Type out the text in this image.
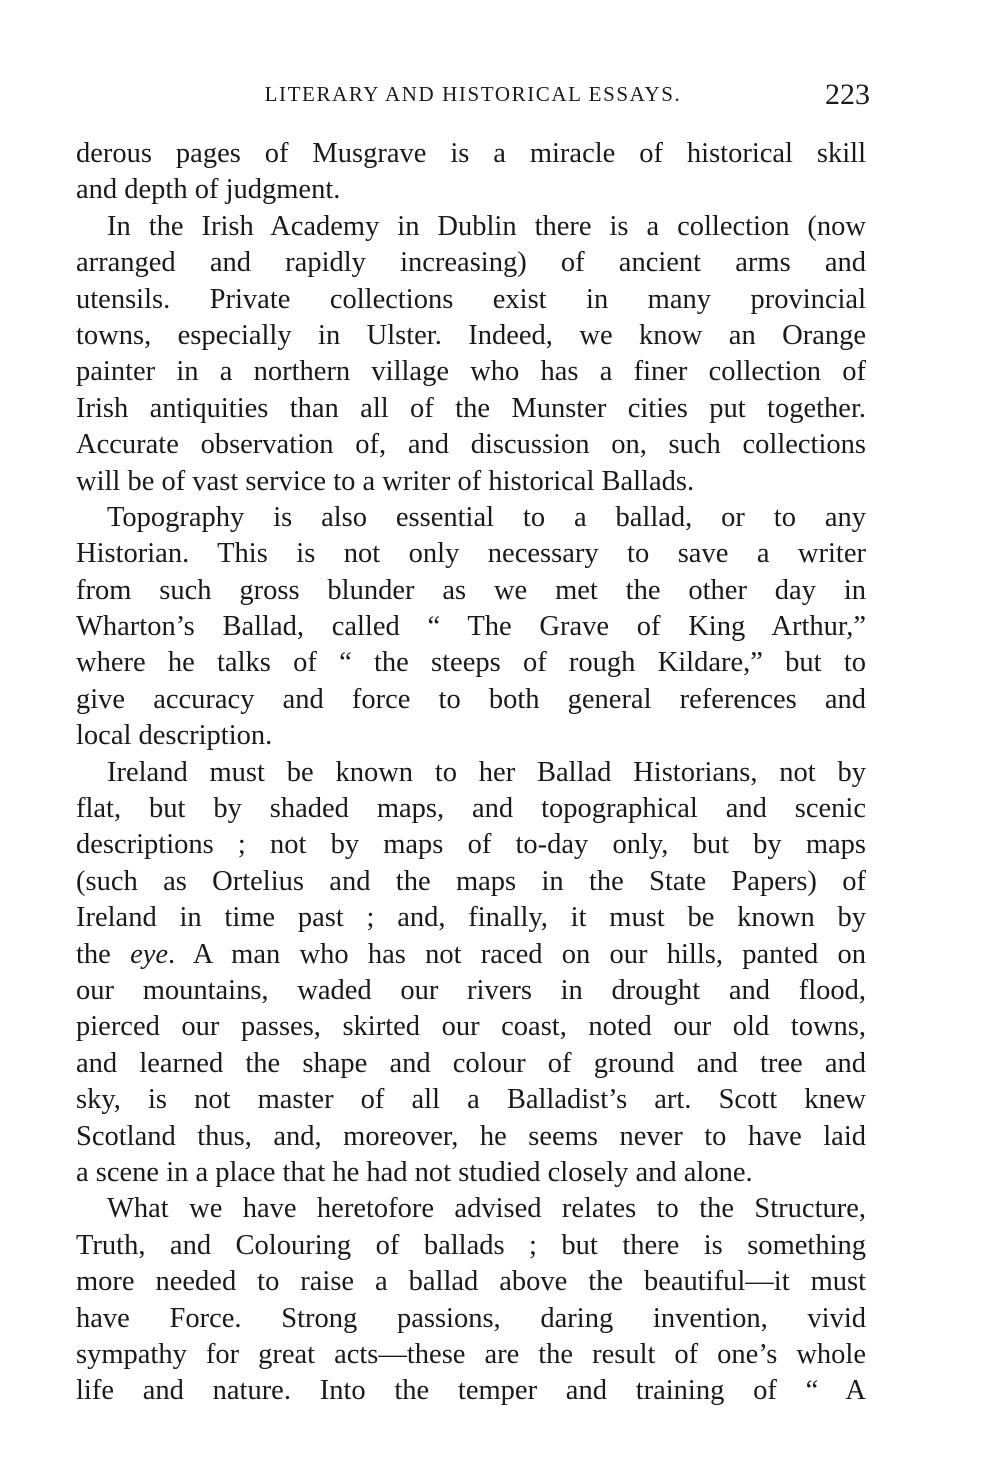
LITERARY AND HISTORICAL ESSAYS.	223
derous pages of Musgrave is a miracle of historical skill
and depth of judgment.
In the Irish Academy in Dublin there is a collection (now
arranged and rapidly increasing) of ancient arms and
utensils. Private collections exist in many provincial
towns, especially in Ulster. Indeed, we know an Orange
painter in a northern village who has a finer collection of
Irish antiquities than all of the Munster cities put together.
Accurate observation of, and discussion on, such collections
will be of vast service to a writer of historical Ballads.
Topography is also essential to a ballad, or to any
Historian. This is not only necessary to save a writer
from such gross blunder as we met the other day in
Wharton’s Ballad, called “ The Grave of King Arthur,”
where he talks of “ the steeps of rough Kildare,” but to
give accuracy and force to both general references and
local description.
Ireland must be known to her Ballad Historians, not by
flat, but by shaded maps, and topographical and scenic
descriptions ; not by maps of to-day only, but by maps
(such as Ortelius and the maps in the State Papers) of
Ireland in time past ; and, finally, it must be known by
the eye. A man who has not raced on our hills, panted on
our mountains, waded our rivers in drought and flood,
pierced our passes, skirted our coast, noted our old towns,
and learned the shape and colour of ground and tree and
sky, is not master of all a Balladist’s art. Scott knew
Scotland thus, and, moreover, he seems never to have laid
a scene in a place that he had not studied closely and alone.
What we have heretofore advised relates to the Structure,
Truth, and Colouring of ballads ; but there is something
more needed to raise a ballad above the beautiful—it must
have Force. Strong passions, daring invention, vivid
sympathy for great acts—these are the result of one’s whole
life and nature. Into the temper and training of “ A
